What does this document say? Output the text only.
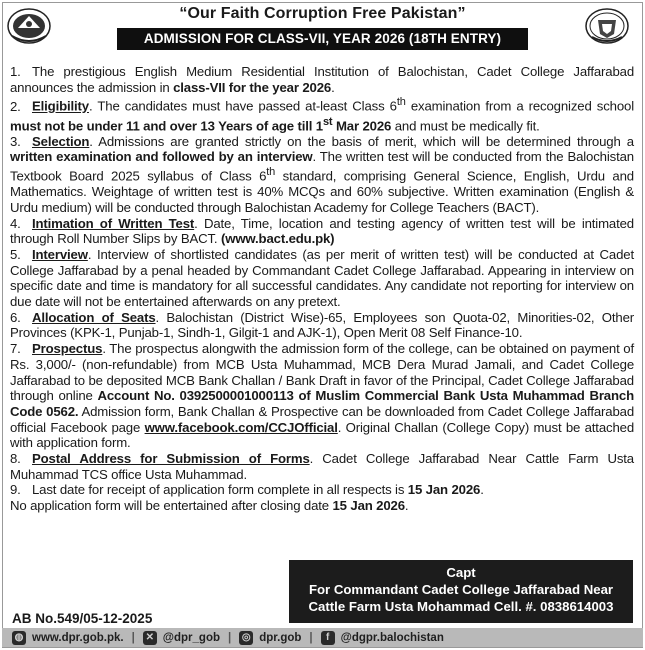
“Our Faith Corruption Free Pakistan”
ADMISSION FOR CLASS-VII, YEAR 2026 (18TH ENTRY)

1. The prestigious English Medium Residential Institution of Balochistan, Cadet College Jaffarabad announces the admission in class-VII for the year 2026.

2. Eligibility. The candidates must have passed at-least Class 6th examination from a recognized school must not be under 11 and over 13 Years of age till 1st Mar 2026 and must be medically fit.

3. Selection. Admissions are granted strictly on the basis of merit, which will be determined through a written examination and followed by an interview. The written test will be conducted from the Balochistan Textbook Board 2025 syllabus of Class 6th standard, comprising General Science, English, Urdu and Mathematics. Weightage of written test is 40% MCQs and 60% subjective. Written examination (English & Urdu medium) will be conducted through Balochistan Academy for College Teachers (BACT).

4. Intimation of Written Test. Date, Time, location and testing agency of written test will be intimated through Roll Number Slips by BACT. (www.bact.edu.pk)

5. Interview. Interview of shortlisted candidates (as per merit of written test) will be conducted at Cadet College Jaffarabad by a penal headed by Commandant Cadet College Jaffarabad. Appearing in interview on specific date and time is mandatory for all successful candidates. Any candidate not reporting for interview on due date will not be entertained afterwards on any pretext.

6. Allocation of Seats. Balochistan (District Wise)-65, Employees son Quota-02, Minorities-02, Other Provinces (KPK-1, Punjab-1, Sindh-1, Gilgit-1 and AJK-1), Open Merit 08 Self Finance-10.

7. Prospectus. The prospectus alongwith the admission form of the college, can be obtained on payment of Rs. 3,000/- (non-refundable) from MCB Usta Muhammad, MCB Dera Murad Jamali, and Cadet College Jaffarabad to be deposited MCB Bank Challan / Bank Draft in favor of the Principal, Cadet College Jaffarabad through online Account No. 0392500001000113 of Muslim Commercial Bank Usta Muhammad Branch Code 0562. Admission form, Bank Challan & Prospective can be downloaded from Cadet College Jaffarabad official Facebook page www.facebook.com/CCJOfficial. Original Challan (College Copy) must be attached with application form.

8. Postal Address for Submission of Forms. Cadet College Jaffarabad Near Cattle Farm Usta Muhammad TCS office Usta Muhammad.

9. Last date for receipt of application form complete in all respects is 15 Jan 2026.

No application form will be entertained after closing date 15 Jan 2026.

Capt
For Commandant Cadet College Jaffarabad Near
Cattle Farm Usta Mohammad Cell. #. 0838614003
AB No.549/05-12-2025
◍ www.dpr.gob.pk. | ✕ @dpr_gob | ◎ dpr.gob |	f @dgpr.balochistan
